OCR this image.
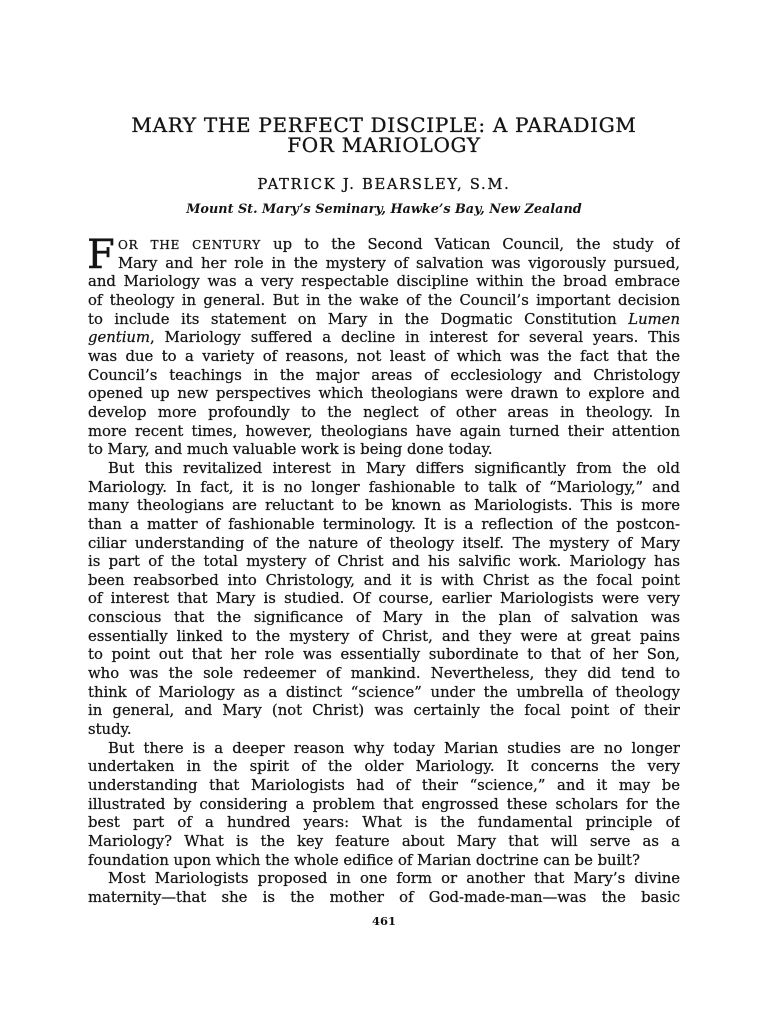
MARY THE PERFECT DISCIPLE: A PARADIGM
FOR MARIOLOGY
PATRICK J. BEARSLEY, S.M.
Mount St. Mary’s Seminary, Hawke’s Bay, New Zealand
F OR THE CENTURY up to the Second Vatican Council, the study of
Mary and her role in the mystery of salvation was vigorously pursued,
and Mariology was a very respectable discipline within the broad embrace
of theology in general. But in the wake of the Council’s important decision
to include its statement on Mary in the Dogmatic Constitution Lumen
gentium, Mariology suffered a decline in interest for several years. This
was due to a variety of reasons, not least of which was the fact that the
Council’s teachings in the major areas of ecclesiology and Christology
opened up new perspectives which theologians were drawn to explore and
develop more profoundly to the neglect of other areas in theology. In
more recent times, however, theologians have again turned their attention
to Mary, and much valuable work is being done today.
But this revitalized interest in Mary differs significantly from the old
Mariology. In fact, it is no longer fashionable to talk of “Mariology,” and
many theologians are reluctant to be known as Mariologists. This is more
than a matter of fashionable terminology. It is a reflection of the postcon-
ciliar understanding of the nature of theology itself. The mystery of Mary
is part of the total mystery of Christ and his salvific work. Mariology has
been reabsorbed into Christology, and it is with Christ as the focal point
of interest that Mary is studied. Of course, earlier Mariologists were very
conscious that the significance of Mary in the plan of salvation was
essentially linked to the mystery of Christ, and they were at great pains
to point out that her role was essentially subordinate to that of her Son,
who was the sole redeemer of mankind. Nevertheless, they did tend to
think of Mariology as a distinct “science” under the umbrella of theology
in general, and Mary (not Christ) was certainly the focal point of their
study.
But there is a deeper reason why today Marian studies are no longer
undertaken in the spirit of the older Mariology. It concerns the very
understanding that Mariologists had of their “science,” and it may be
illustrated by considering a problem that engrossed these scholars for the
best part of a hundred years: What is the fundamental principle of
Mariology? What is the key feature about Mary that will serve as a
foundation upon which the whole edifice of Marian doctrine can be built?
Most Mariologists proposed in one form or another that Mary’s divine
maternity—that she is the mother of God-made-man—was the basic
461
